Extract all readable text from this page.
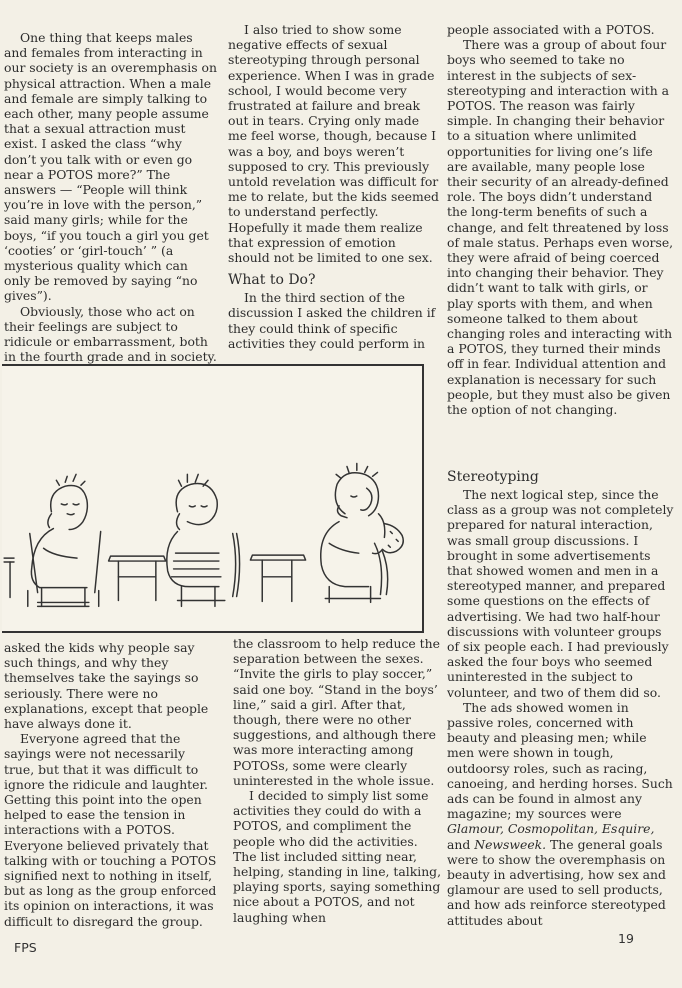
One thing that keeps males and females from interacting in our society is an overemphasis on physical attraction. When a male and female are simply talking to each other, many people assume that a sexual attraction must exist. I asked the class “why don’t you talk with or even go near a POTOS more?” The answers — “People will think you’re in love with the person,” said many girls; while for the boys, “if you touch a girl you get ‘cooties’ or ‘girl-touch’ ” (a mysterious quality which can only be removed by saying “no gives”).

Obviously, those who act on their feelings are subject to ridicule or embarrassment, both in the fourth grade and in society.

I also tried to show some negative effects of sexual stereotyping through personal experience. When I was in grade school, I would become very frustrated at failure and break out in tears. Crying only made me feel worse, though, because I was a boy, and boys weren’t supposed to cry. This previously untold revelation was difficult for me to relate, but the kids seemed to understand perfectly. Hopefully it made them realize that expression of emotion should not be limited to one sex.

What to Do?

In the third section of the discussion I asked the children if they could think of specific activities they could perform in

people associated with a POTOS.

There was a group of about four boys who seemed to take no interest in the subjects of sex-stereotyping and interaction with a POTOS. The reason was fairly simple. In changing their behavior to a situation where unlimited opportunities for living one’s life are available, many people lose their security of an already-defined role. The boys didn’t understand the long-term benefits of such a change, and felt threatened by loss of male status. Perhaps even worse, they were afraid of being coerced into changing their behavior. They didn’t want to talk with girls, or play sports with them, and when someone talked to them about changing roles and interacting with a POTOS, they turned their minds off in fear. Individual attention and explanation is necessary for such people, but they must also be given the option of not changing.

Stereotyping

The next logical step, since the class as a group was not completely prepared for natural interaction, was small group discussions. I brought in some advertisements that showed women and men in a stereotyped manner, and prepared some questions on the effects of advertising. We had two half-hour discussions with volunteer groups of six people each. I had previously asked the four boys who seemed uninterested in the subject to volunteer, and two of them did so.

The ads showed women in passive roles, concerned with beauty and pleasing men; while men were shown in tough, outdoorsy roles, such as racing, canoeing, and herding horses. Such ads can be found in almost any magazine; my sources were Glamour, Cosmopolitan, Esquire, and Newsweek. The general goals were to show the overemphasis on beauty in advertising, how sex and glamour are used to sell products, and how ads reinforce stereotyped attitudes about

asked the kids why people say such things, and why they themselves take the sayings so seriously. There were no explanations, except that people have always done it.

Everyone agreed that the sayings were not necessarily true, but that it was difficult to ignore the ridicule and laughter. Getting this point into the open helped to ease the tension in interactions with a POTOS. Everyone believed privately that talking with or touching a POTOS signified next to nothing in itself, but as long as the group enforced its opinion on interactions, it was difficult to disregard the group.

the classroom to help reduce the separation between the sexes. “Invite the girls to play soccer,” said one boy. “Stand in the boys’ line,” said a girl. After that, though, there were no other suggestions, and although there was more interacting among POTOSs, some were clearly uninterested in the whole issue.

I decided to simply list some activities they could do with a POTOS, and compliment the people who did the activities. The list included sitting near, helping, standing in line, talking, playing sports, saying something nice about a POTOS, and not laughing when

FPS
19
